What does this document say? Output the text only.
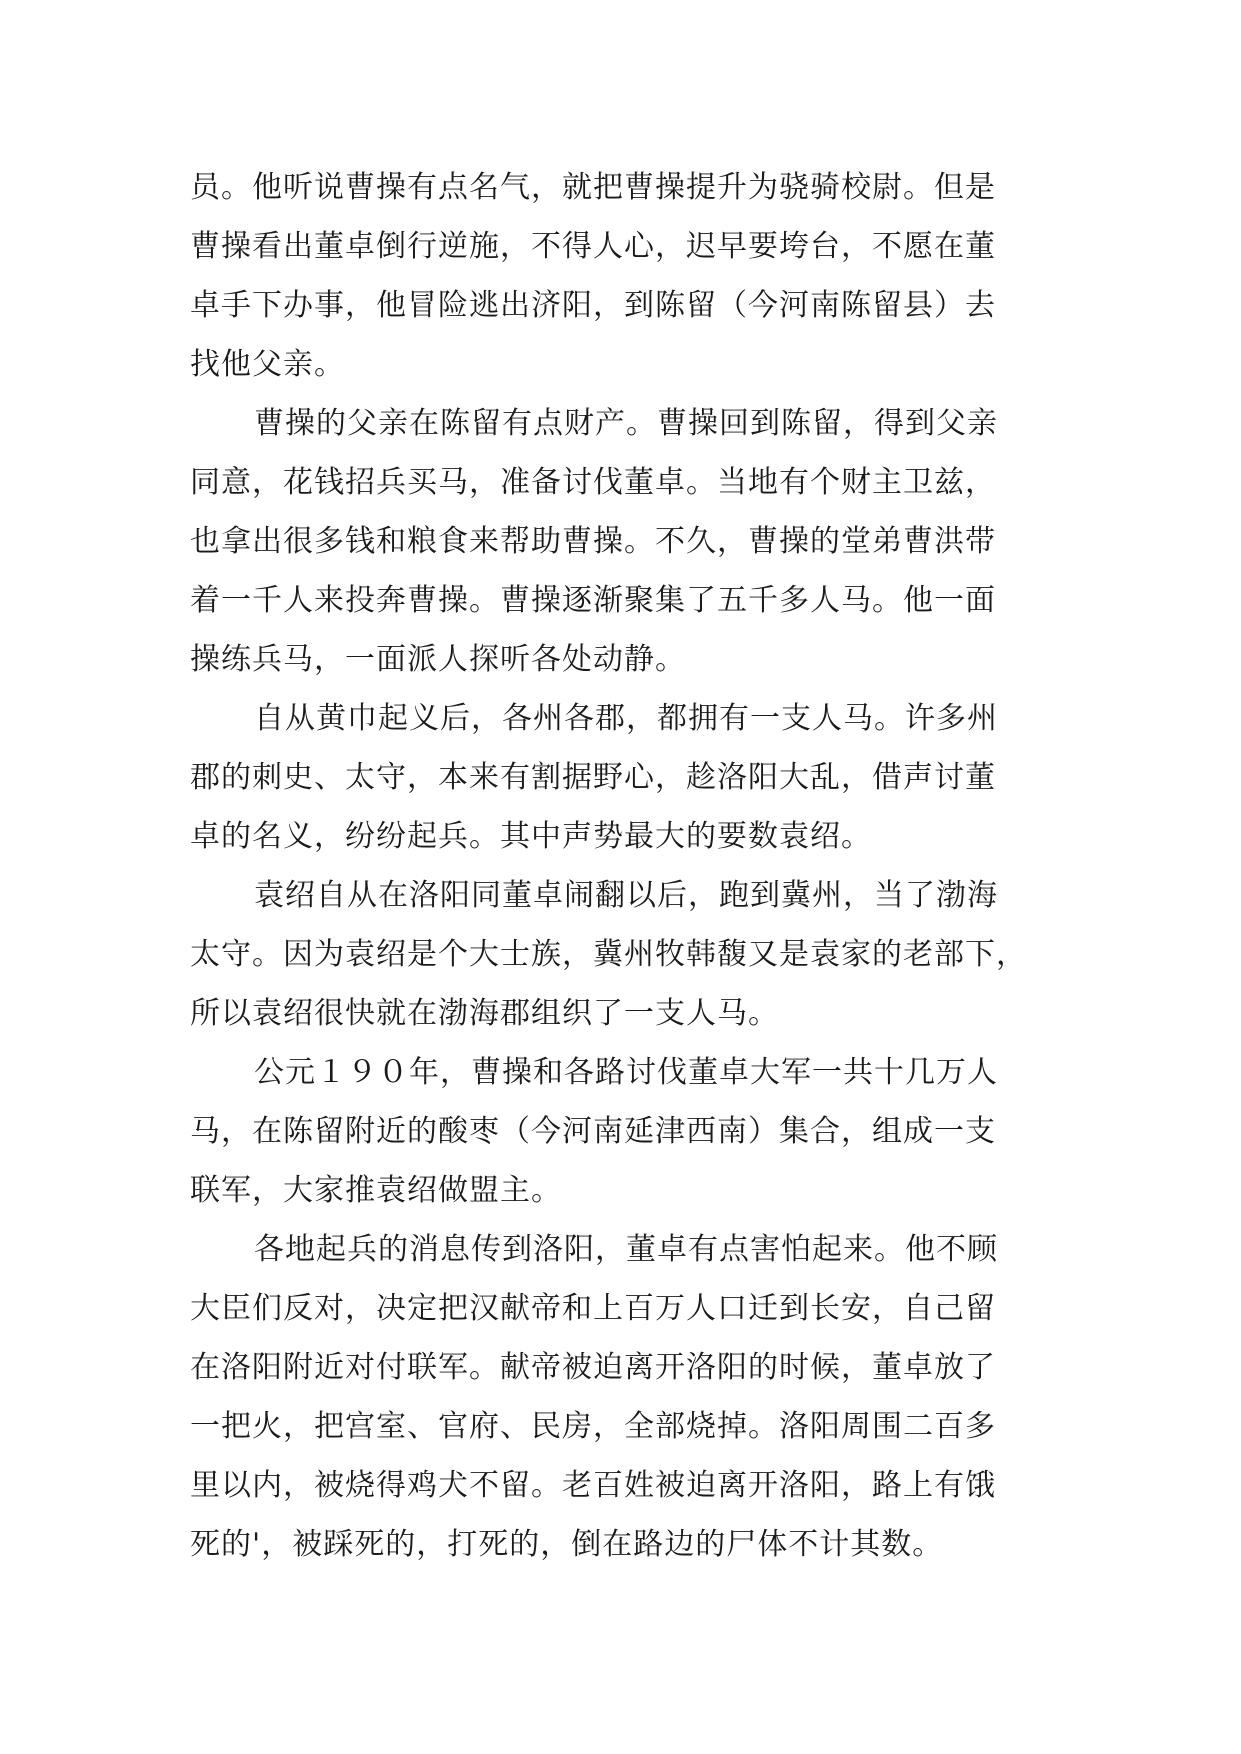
员。他听说曹操有点名气，就把曹操提升为骁骑校尉。但是
曹操看出董卓倒行逆施，不得人心，迟早要垮台，不愿在董
卓手下办事，他冒险逃出济阳，到陈留（今河南陈留县）去
找他父亲。
曹操的父亲在陈留有点财产。曹操回到陈留，得到父亲
同意，花钱招兵买马，准备讨伐董卓。当地有个财主卫兹，
也拿出很多钱和粮食来帮助曹操。不久，曹操的堂弟曹洪带
着一千人来投奔曹操。曹操逐渐聚集了五千多人马。他一面
操练兵马，一面派人探听各处动静。
自从黄巾起义后，各州各郡，都拥有一支人马。许多州
郡的刺史、太守，本来有割据野心，趁洛阳大乱，借声讨董
卓的名义，纷纷起兵。其中声势最大的要数袁绍。
袁绍自从在洛阳同董卓闹翻以后，跑到冀州，当了渤海
太守。因为袁绍是个大士族，冀州牧韩馥又是袁家的老部下，
所以袁绍很快就在渤海郡组织了一支人马。
公元１９０年，曹操和各路讨伐董卓大军一共十几万人
马，在陈留附近的酸枣（今河南延津西南）集合，组成一支
联军，大家推袁绍做盟主。
各地起兵的消息传到洛阳，董卓有点害怕起来。他不顾
大臣们反对，决定把汉献帝和上百万人口迁到长安，自己留
在洛阳附近对付联军。献帝被迫离开洛阳的时候，董卓放了
一把火，把宫室、官府、民房，全部烧掉。洛阳周围二百多
里以内，被烧得鸡犬不留。老百姓被迫离开洛阳，路上有饿
死的'，被踩死的，打死的，倒在路边的尸体不计其数。
